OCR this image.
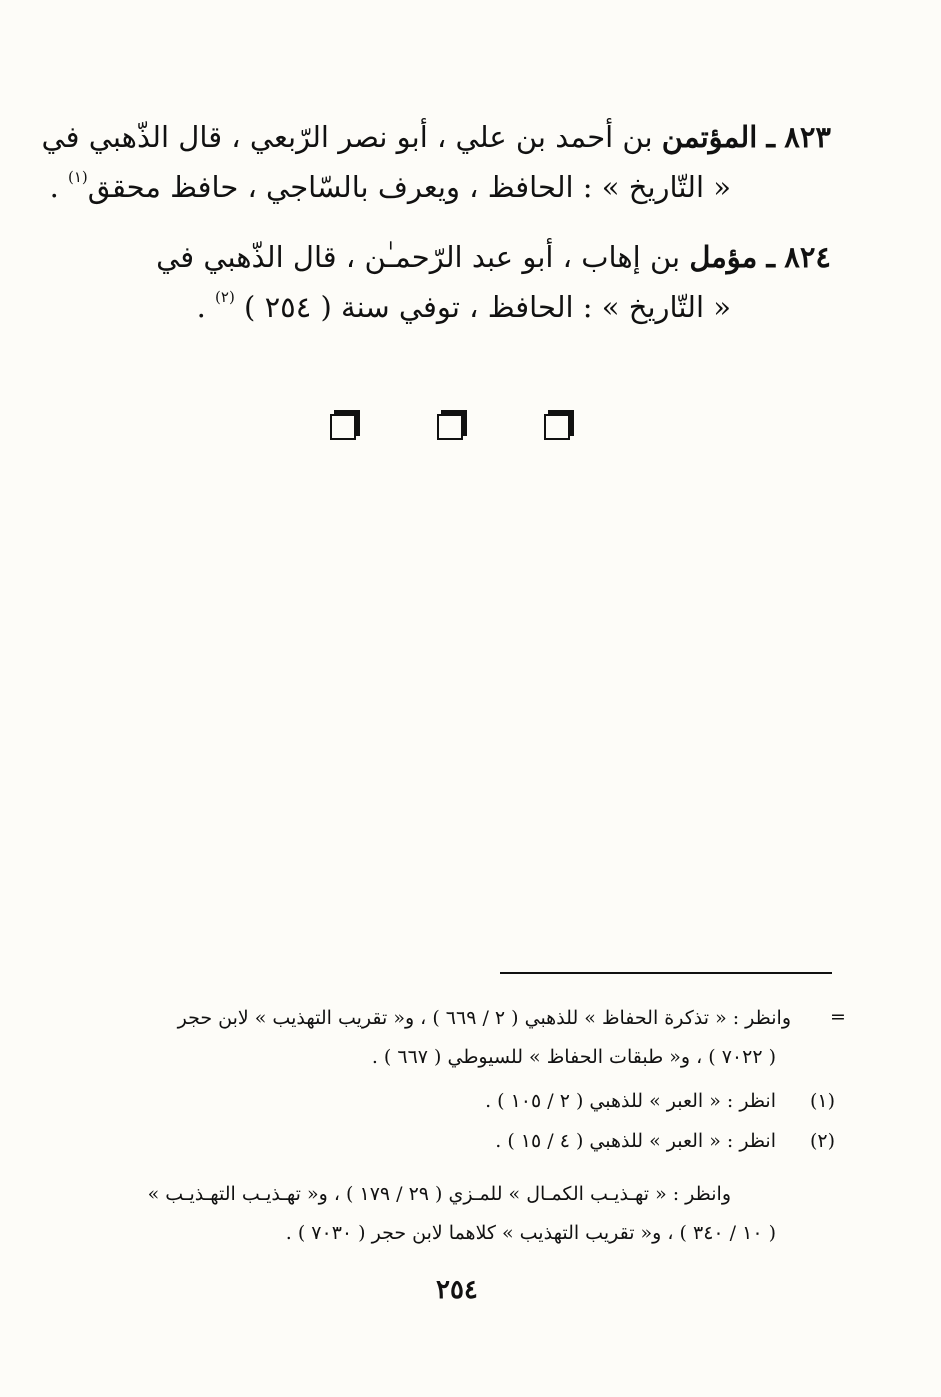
٨٢٣ ـ المؤتمن بن أحمد بن علي ، أبو نصر الرّبعي ، قال الذّهبي في
« التّاريخ » : الحافظ ، ويعرف بالسّاجي ، حافظ محقق$^{(١)}$ .
٨٢٤ ـ مؤمل بن إهاب ، أبو عبد الرّحمـٰن ، قال الذّهبي في
« التّاريخ » : الحافظ ، توفي سنة ( ٢٥٤ ) $^{(٢)}$ .
=
وانظر : « تذكرة الحفاظ » للذهبي ( ٢ / ٦٦٩ ) ، و« تقريب التهذيب » لابن حجر
( ٧٠٢٢ ) ، و« طبقات الحفاظ » للسيوطي ( ٦٦٧ ) .
(١)
انظر : « العبر » للذهبي ( ٢ / ١٠٥ ) .
(٢)
انظر : « العبر » للذهبي ( ٤ / ١٥ ) .
وانظر : « تهـذيـب الكمـال » للمـزي ( ٢٩ / ١٧٩ ) ، و« تهـذيـب التهـذيـب »
( ١٠ / ٣٤٠ ) ، و« تقريب التهذيب » كلاهما لابن حجر ( ٧٠٣٠ ) .
٢٥٤
